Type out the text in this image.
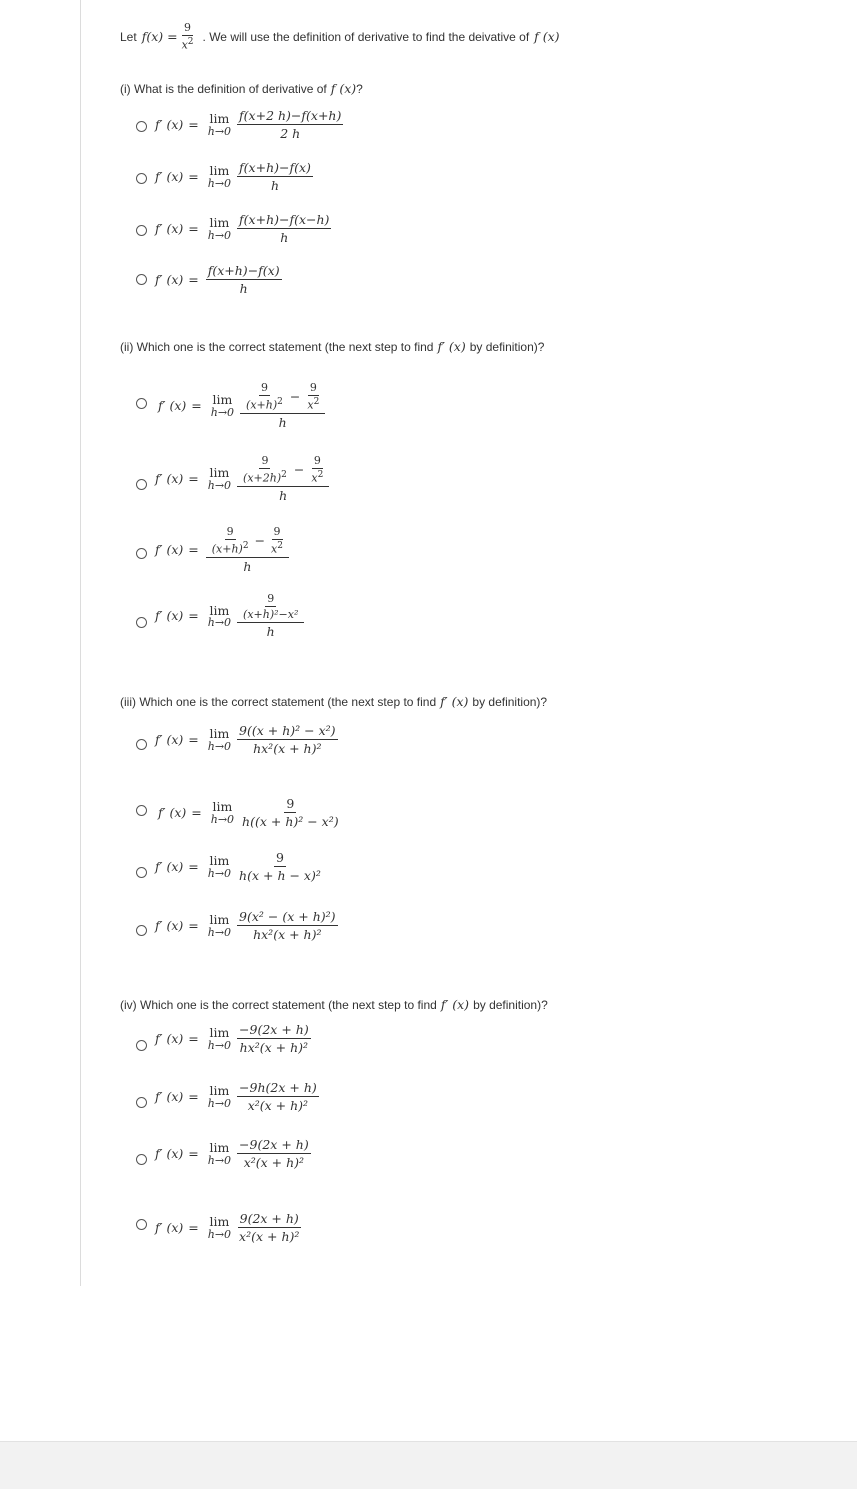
Let $f(x) = \frac{9}{x^2}$ . We will use the definition of derivative to find the deivative of f (x)
(i) What is the definition of derivative of f (x) ?
f′ (x) = lim
$h\to 0 \frac{f(x+2 h)-f(x+h)}{2 h}$
f′ (x) = lim
$h\to 0 \frac{f(x+h)-f(x)}{h}$
f′ (x) = lim
$h\to 0 \frac{f(x+h)-f(x-h)}{h}$
f′ $(x) = \frac{f(x+h)-f(x)}{h}$
(ii) Which one is the correct statement (the next step to find f′ (x) by definition)?
f′ (x) = lim
$h\to 0 \frac{\frac{9}{(x+h)^2} - \frac{9}{x^2}}{h}$
f′ (x) = lim
$h\to 0 \frac{\frac{9}{(x+2h)^2} - \frac{9}{x^2}}{h}$
f′ $(x) = \frac{\frac{9}{(x+h)^2} - \frac{9}{x^2}}{h}$
f′ (x) = lim
$h\to 0 \frac{\frac{9}{\text{(x+h)²−x²}}}{h}$
(iii) Which one is the correct statement (the next step to find f′ (x) by definition)?
f′ (x) = lim
$h\to 0 \frac{\text{9((x + h)² − x²)}}{\text{hx²(x + h)²}}$
f′ (x) = lim
$h\to 0 \frac{9}{\text{h((x + h)² − x²)}}$
f′ (x) = lim
$h\to 0 \frac{9}{\text{h(x + h − x)²}}$
f′ (x) = lim
$h\to 0 \frac{\text{9(x² − (x + h)²)}}{\text{hx²(x + h)²}}$
(iv) Which one is the correct statement (the next step to find f′ (x) by definition)?
f′ (x) = lim
$h\to 0 \frac{-9(2x + h)}{\text{hx²(x + h)²}}$
f′ (x) = lim
$h\to 0 \frac{-9h(2x + h)}{\text{x²(x + h)²}}$
f′ (x) = lim
$h\to 0 \frac{-9(2x + h)}{\text{x²(x + h)²}}$
f′ (x) = lim
$h\to 0 \frac{9(2x + h)}{\text{x²(x + h)²}}$
